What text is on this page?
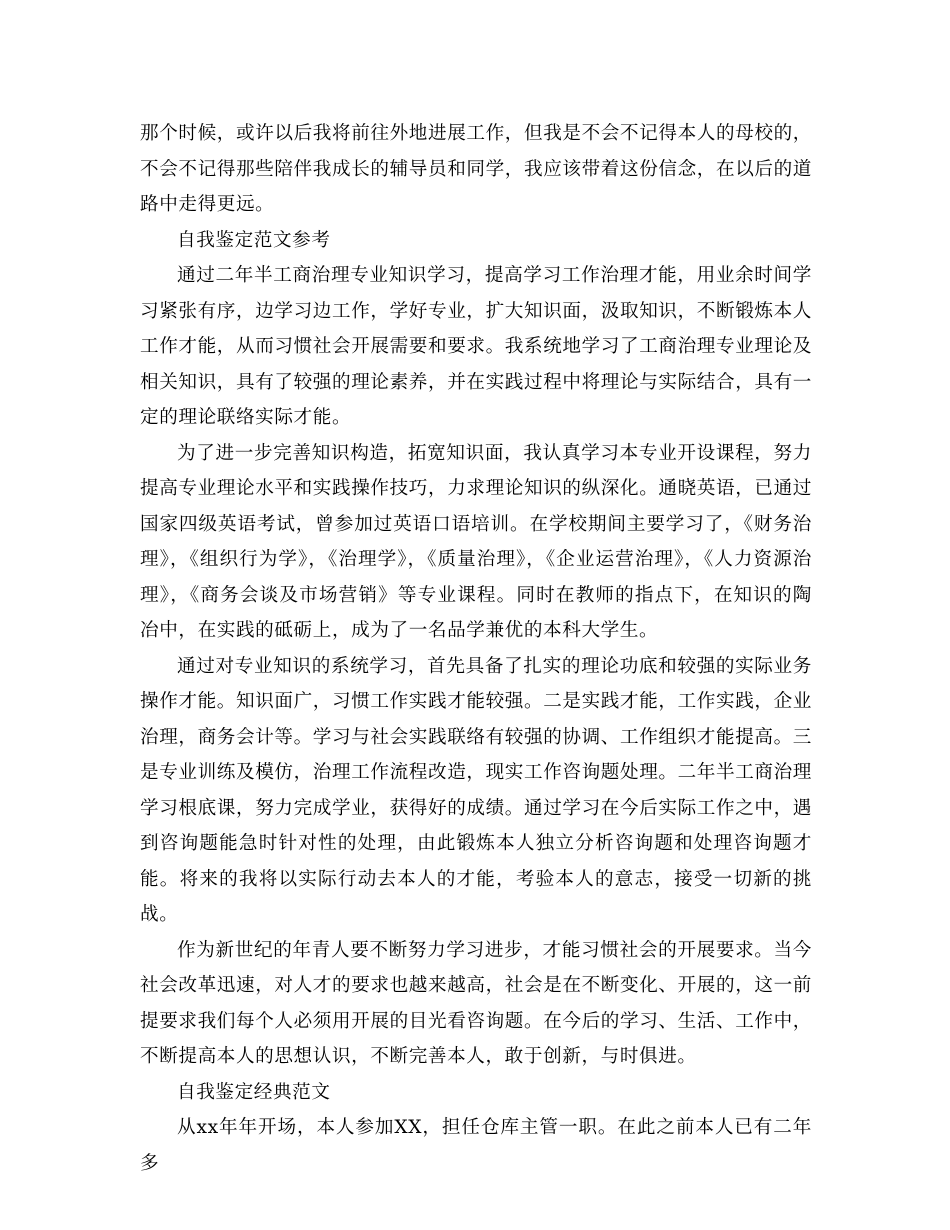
那个时候，或许以后我将前往外地进展工作，但我是不会不记得本人的母校的，不会不记得那些陪伴我成长的辅导员和同学，我应该带着这份信念，在以后的道路中走得更远。

自我鉴定范文参考

通过二年半工商治理专业知识学习，提高学习工作治理才能，用业余时间学习紧张有序，边学习边工作，学好专业，扩大知识面，汲取知识，不断锻炼本人工作才能，从而习惯社会开展需要和要求。我系统地学习了工商治理专业理论及相关知识，具有了较强的理论素养，并在实践过程中将理论与实际结合，具有一定的理论联络实际才能。

为了进一步完善知识构造，拓宽知识面，我认真学习本专业开设课程，努力提高专业理论水平和实践操作技巧，力求理论知识的纵深化。通晓英语，已通过国家四级英语考试，曾参加过英语口语培训。在学校期间主要学习了，《财务治理》，《组织行为学》，《治理学》，《质量治理》，《企业运营治理》，《人力资源治理》，《商务会谈及市场营销》等专业课程。同时在教师的指点下，在知识的陶冶中，在实践的砥砺上，成为了一名品学兼优的本科大学生。

通过对专业知识的系统学习，首先具备了扎实的理论功底和较强的实际业务操作才能。知识面广，习惯工作实践才能较强。二是实践才能，工作实践，企业治理，商务会计等。学习与社会实践联络有较强的协调、工作组织才能提高。三是专业训练及模仿，治理工作流程改造，现实工作咨询题处理。二年半工商治理学习根底课，努力完成学业，获得好的成绩。通过学习在今后实际工作之中，遇到咨询题能急时针对性的处理，由此锻炼本人独立分析咨询题和处理咨询题才能。将来的我将以实际行动去本人的才能，考验本人的意志，接受一切新的挑战。

作为新世纪的年青人要不断努力学习进步，才能习惯社会的开展要求。当今社会改革迅速，对人才的要求也越来越高，社会是在不断变化、开展的，这一前提要求我们每个人必须用开展的目光看咨询题。在今后的学习、生活、工作中，不断提高本人的思想认识，不断完善本人，敢于创新，与时俱进。

自我鉴定经典范文

从xx年年开场，本人参加XX，担任仓库主管一职。在此之前本人已有二年多
